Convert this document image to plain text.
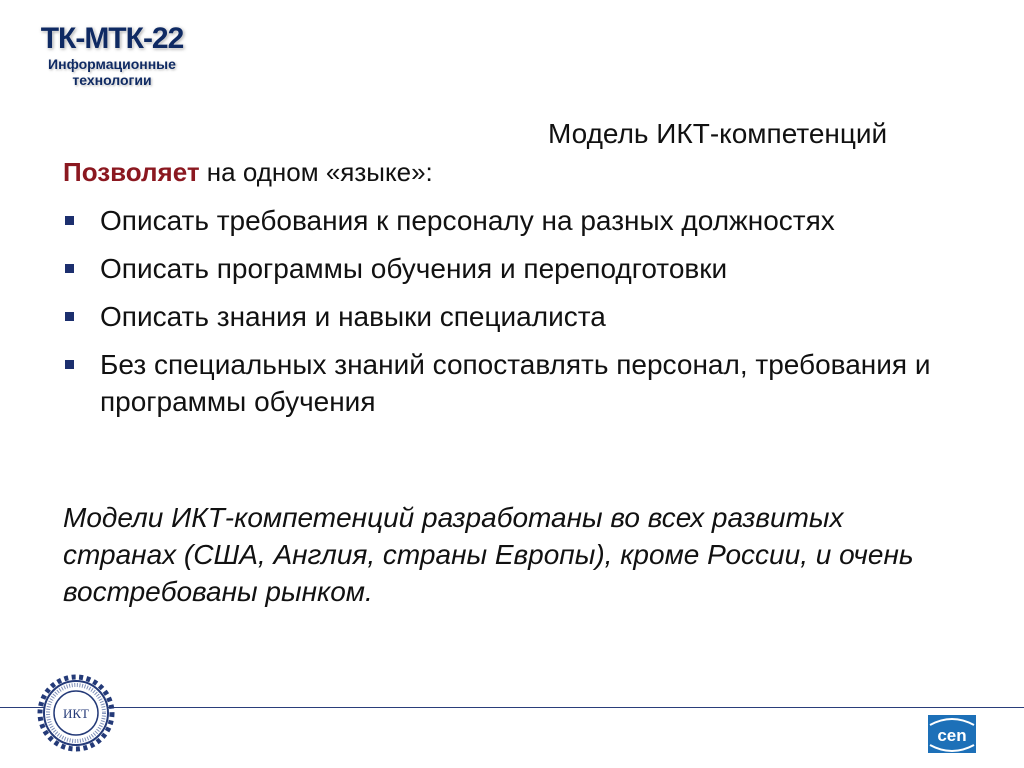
ТК-МТК-22
Информационные
технологии
Модель ИКТ-компетенций
Позволяет на одном «языке»:
Описать требования к персоналу на разных должностях
Описать программы обучения и переподготовки
Описать знания и навыки специалиста
Без специальных знаний сопоставлять персонал, требования и программы обучения

Модели ИКТ-компетенций разработаны во всех развитых странах (США, Англия, страны Европы), кроме России, и очень востребованы рынком.

ИКТ
cen
